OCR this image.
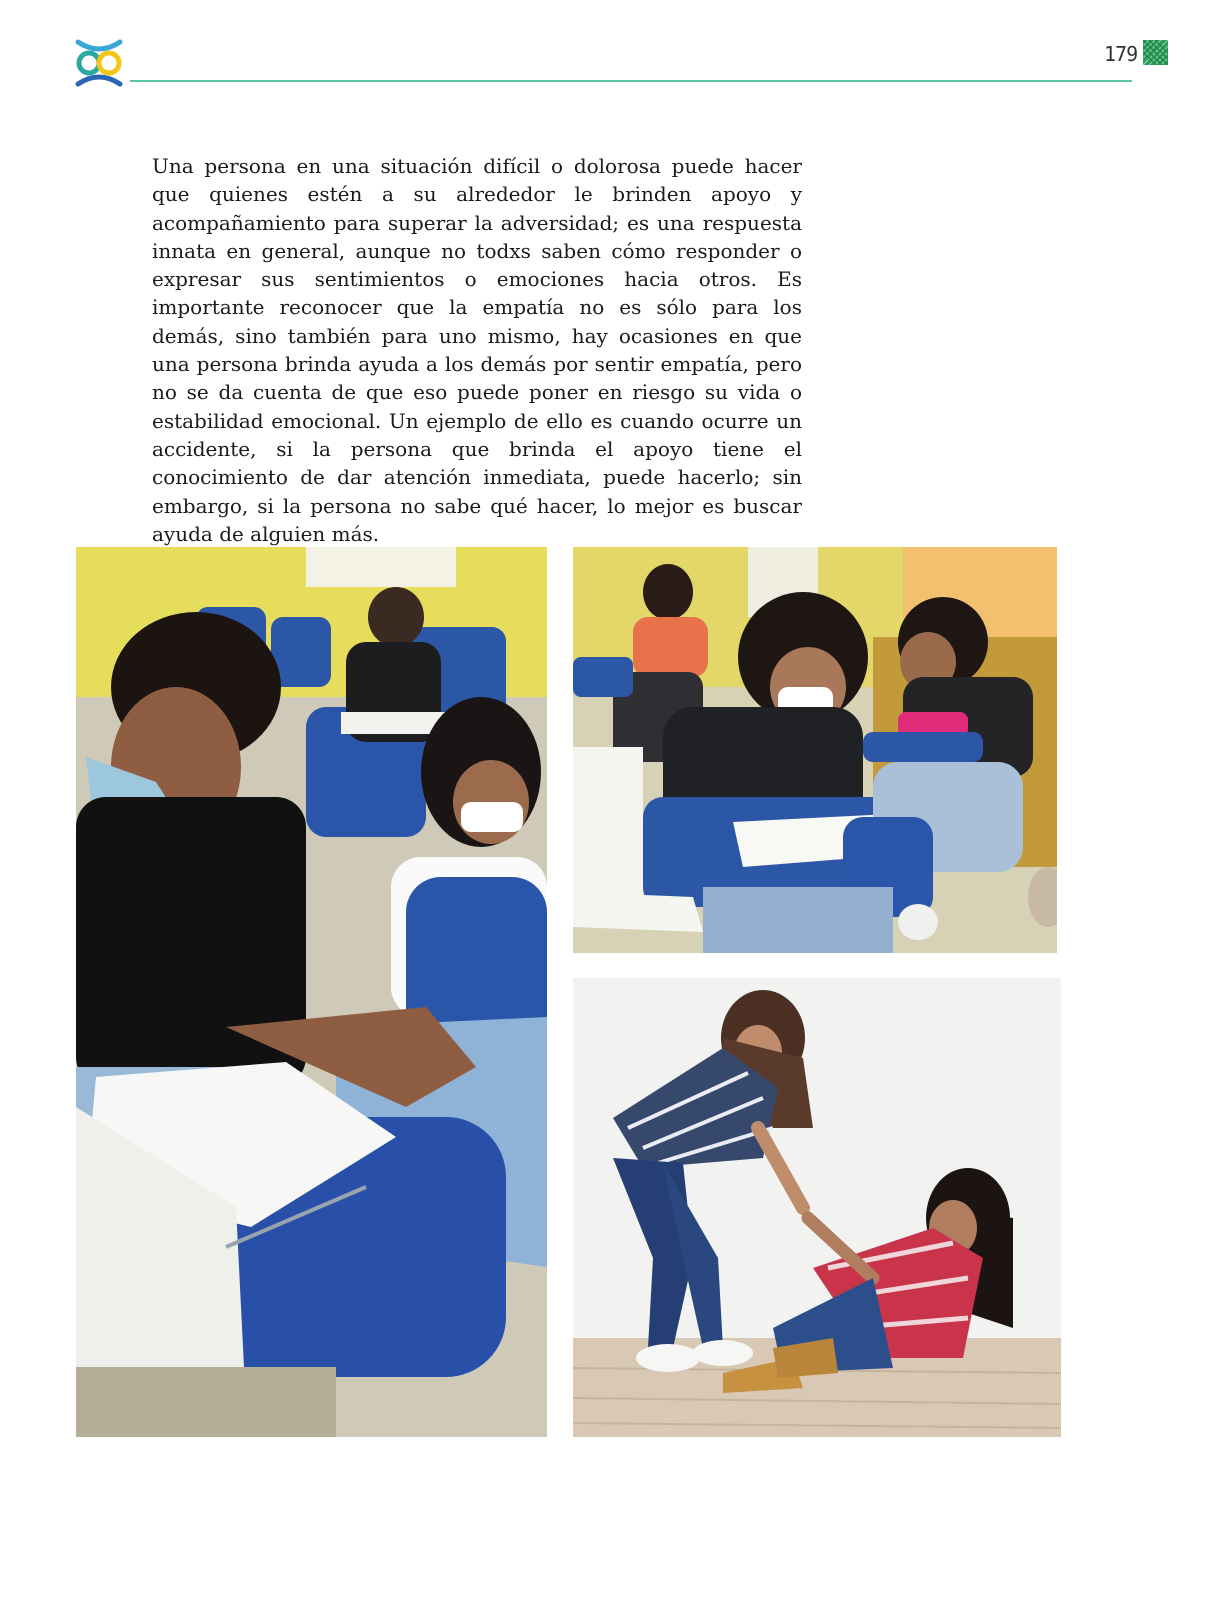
179

Una persona en una situación difícil o dolorosa puede hacer que quienes estén a su alrededor le brinden apoyo y acompañamiento para superar la adversidad; es una respuesta innata en general, aunque no todxs saben cómo responder o expresar sus sentimientos o emociones hacia otros. Es importante reconocer que la empatía no es sólo para los demás, sino también para uno mismo, hay ocasiones en que una persona brinda ayuda a los demás por sentir empatía, pero no se da cuenta de que eso puede poner en riesgo su vida o estabilidad emocional. Un ejemplo de ello es cuando ocurre un accidente, si la persona que brinda el apoyo tiene el conocimiento de dar atención inmediata, puede hacerlo; sin embargo, si la persona no sabe qué hacer, lo mejor es buscar ayuda de alguien más.
